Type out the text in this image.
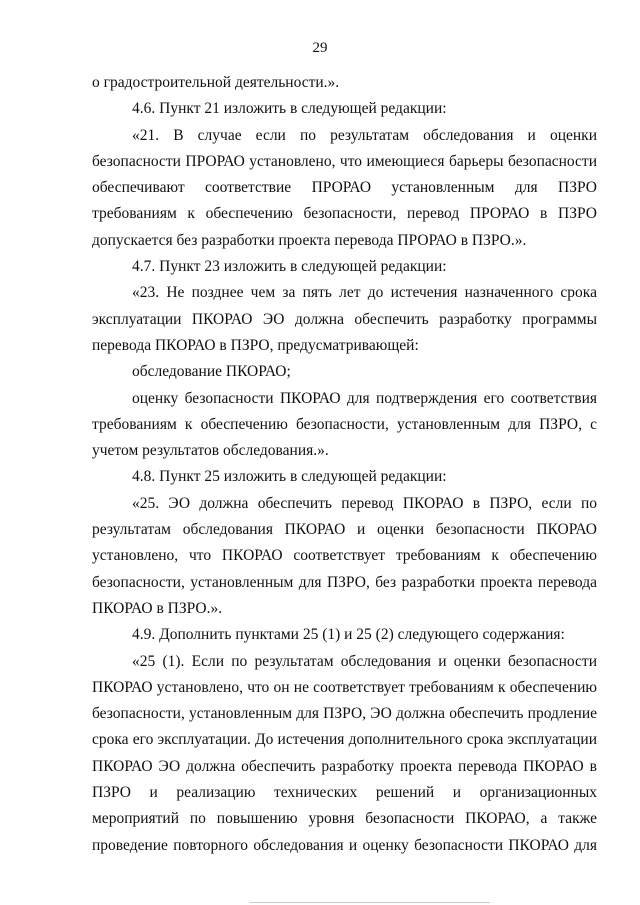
29

о градостроительной деятельности.».

4.6. Пункт 21 изложить в следующей редакции:

«21. В случае если по результатам обследования и оценки безопасности ПРОРАО установлено, что имеющиеся барьеры безопасности обеспечивают соответствие ПРОРАО установленным для ПЗРО требованиям к обеспечению безопасности, перевод ПРОРАО в ПЗРО допускается без разработки проекта перевода ПРОРАО в ПЗРО.».

4.7. Пункт 23 изложить в следующей редакции:

«23. Не позднее чем за пять лет до истечения назначенного срока эксплуатации ПКОРАО ЭО должна обеспечить разработку программы перевода ПКОРАО в ПЗРО, предусматривающей:

обследование ПКОРАО;

оценку безопасности ПКОРАО для подтверждения его соответствия требованиям к обеспечению безопасности, установленным для ПЗРО, с учетом результатов обследования.».

4.8. Пункт 25 изложить в следующей редакции:

«25. ЭО должна обеспечить перевод ПКОРАО в ПЗРО, если по результатам обследования ПКОРАО и оценки безопасности ПКОРАО установлено, что ПКОРАО соответствует требованиям к обеспечению безопасности, установленным для ПЗРО, без разработки проекта перевода ПКОРАО в ПЗРО.».

4.9. Дополнить пунктами 25 (1) и 25 (2) следующего содержания:

«25 (1). Если по результатам обследования и оценки безопасности ПКОРАО установлено, что он не соответствует требованиям к обеспечению безопасности, установленным для ПЗРО, ЭО должна обеспечить продление срока его эксплуатации. До истечения дополнительного срока эксплуатации ПКОРАО ЭО должна обеспечить разработку проекта перевода ПКОРАО в ПЗРО и реализацию технических решений и организационных мероприятий по повышению уровня безопасности ПКОРАО, а также проведение повторного обследования и оценку безопасности ПКОРАО для
